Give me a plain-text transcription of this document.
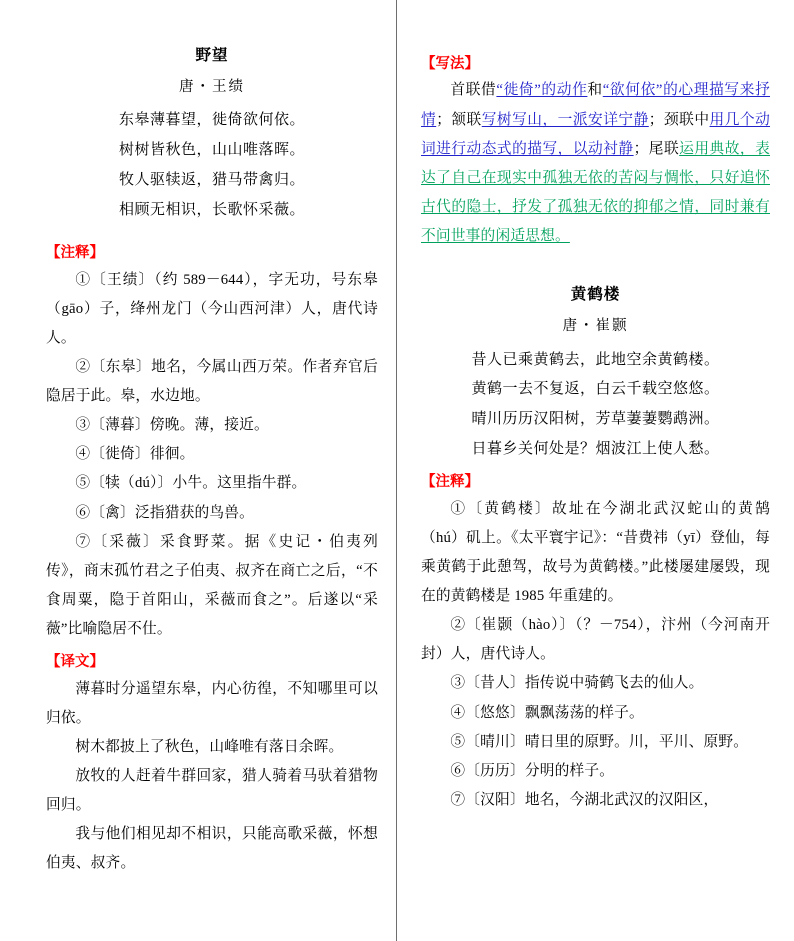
野望
唐・王绩
东皋薄暮望，徙倚欲何依。
树树皆秋色，山山唯落晖。
牧人驱犊返，猎马带禽归。
相顾无相识，长歌怀采薇。
【注释】

①〔王绩〕（约 589－644），字无功，号东皋（gāo）子，绛州龙门（今山西河津）人，唐代诗人。

②〔东皋〕地名，今属山西万荣。作者弃官后隐居于此。皋，水边地。

③〔薄暮〕傍晚。薄，接近。

④〔徙倚〕徘徊。

⑤〔犊（dú）〕小牛。这里指牛群。

⑥〔禽〕泛指猎获的鸟兽。

⑦〔采薇〕采食野菜。据《史记・伯夷列传》，商末孤竹君之子伯夷、叔齐在商亡之后，“不食周粟，隐于首阳山，采薇而食之”。后遂以“采薇”比喻隐居不仕。

【译文】

薄暮时分遥望东皋，内心彷徨，不知哪里可以归依。

树木都披上了秋色，山峰唯有落日余晖。

放牧的人赶着牛群回家，猎人骑着马驮着猎物回归。

我与他们相见却不相识，只能高歌采薇，怀想伯夷、叔齐。

【写法】

首联借“徙倚”的动作和“欲何依”的心理描写来抒情；颔联写树写山，一派安详宁静；颈联中用几个动词进行动态式的描写，以动衬静；尾联运用典故，表达了自己在现实中孤独无依的苦闷与惆怅，只好追怀古代的隐士，抒发了孤独无依的抑郁之情，同时兼有不问世事的闲适思想。

黄鹤楼
唐・崔颢
昔人已乘黄鹤去，此地空余黄鹤楼。
黄鹤一去不复返，白云千载空悠悠。
晴川历历汉阳树，芳草萋萋鹦鹉洲。
日暮乡关何处是？烟波江上使人愁。
【注释】

①〔黄鹤楼〕故址在今湖北武汉蛇山的黄鹄（hú）矶上。《太平寰宇记》：“昔费祎（yī）登仙，每乘黄鹤于此憩驾，故号为黄鹤楼。”此楼屡建屡毁，现在的黄鹤楼是 1985 年重建的。

②〔崔颢（hào）〕（？－754），汴州（今河南开封）人，唐代诗人。

③〔昔人〕指传说中骑鹤飞去的仙人。

④〔悠悠〕飘飘荡荡的样子。

⑤〔晴川〕晴日里的原野。川，平川、原野。

⑥〔历历〕分明的样子。

⑦〔汉阳〕地名，今湖北武汉的汉阳区，
